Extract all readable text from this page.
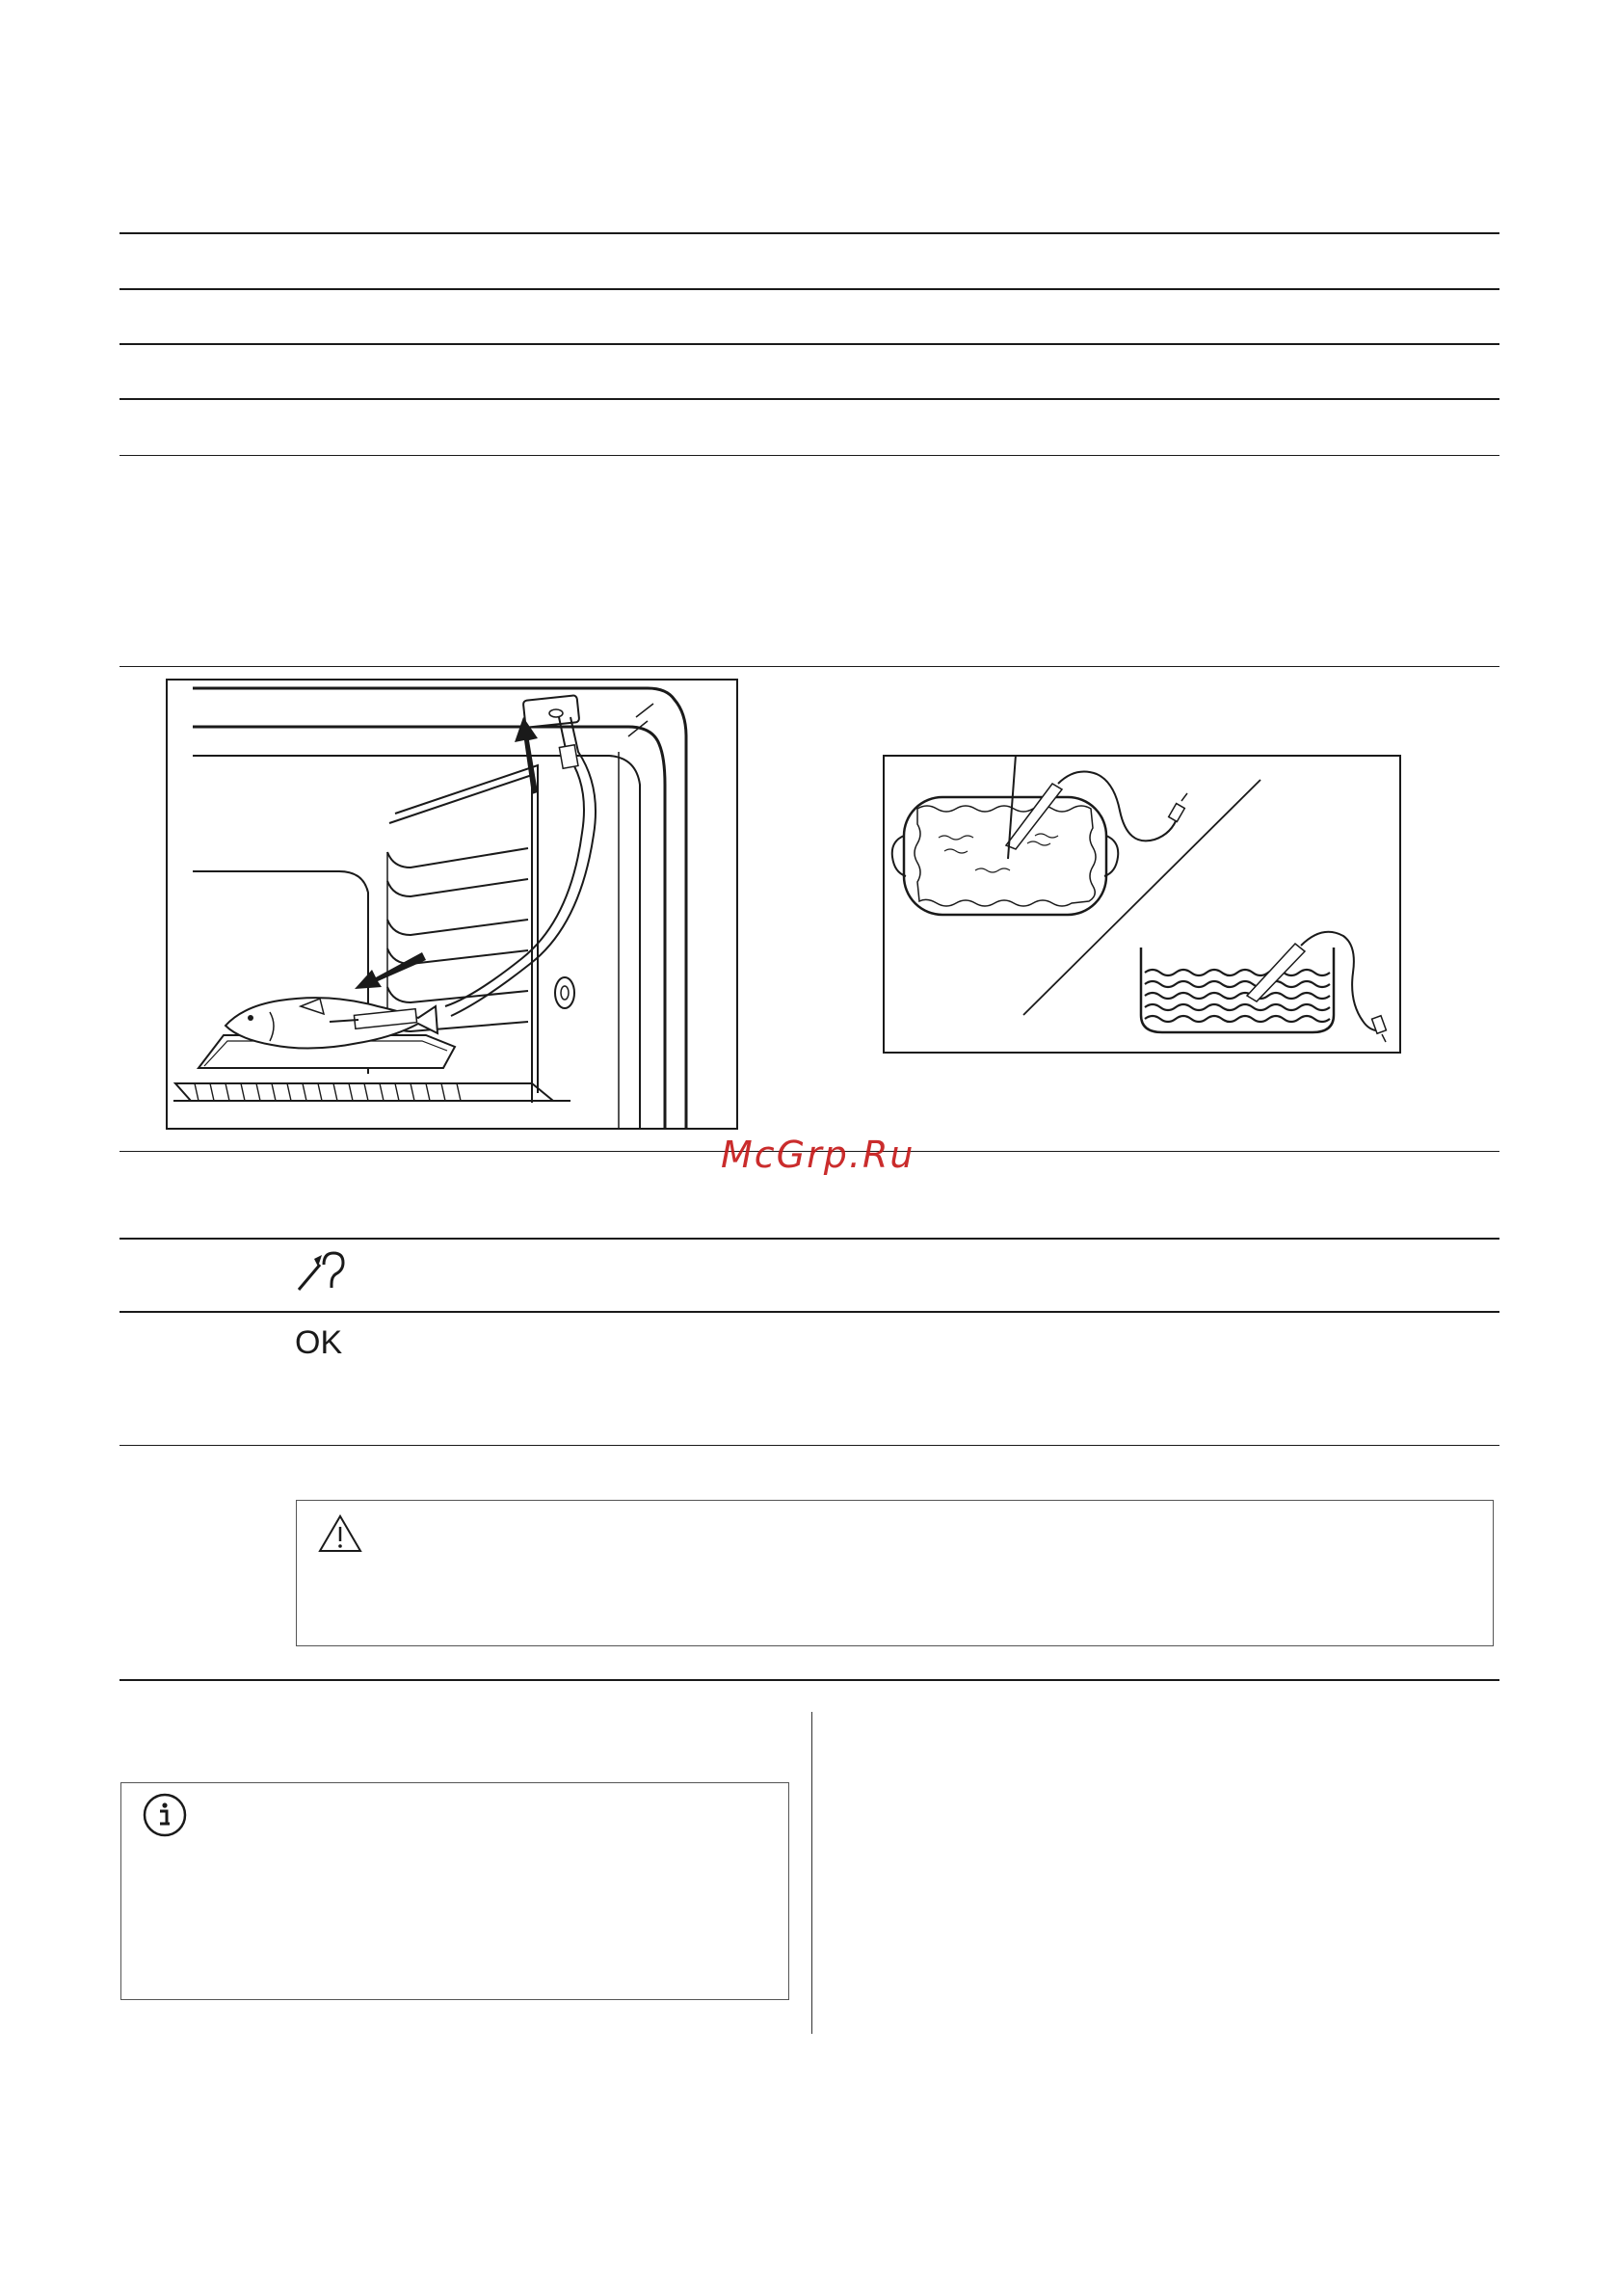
McGrp.Ru
OK
